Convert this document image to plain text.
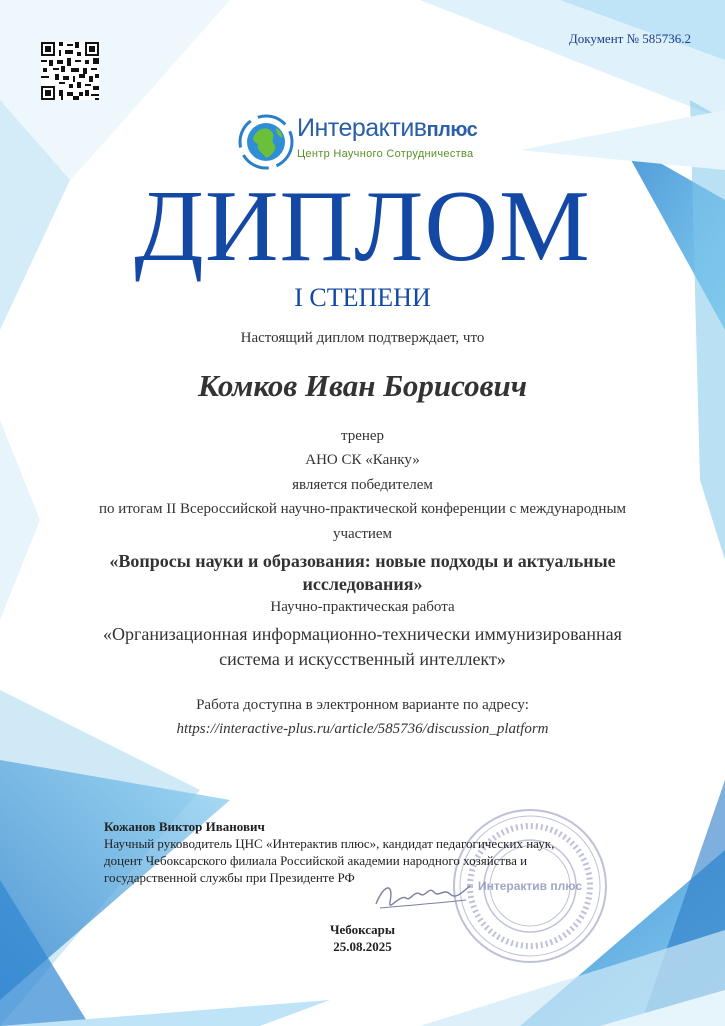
Документ № 585736.2
Интерактивплюс
Центр Научного Сотрудничества
ДИПЛОМ
I СТЕПЕНИ
Настоящий диплом подтверждает, что
Комков Иван Борисович
тренер
АНО СК «Канку»
является победителем
по итогам II Всероссийской научно-практической конференции с международным
участием
«Вопросы науки и образования: новые подходы и актуальные
исследования»
Научно-практическая работа
«Организационная информационно-технически иммунизированная
система и искусственный интеллект»
Работа доступна в электронном варианте по адресу:
https://interactive-plus.ru/article/585736/discussion_platform
Интерактив плюс
Кожанов Виктор Иванович
Научный руководитель ЦНС «Интерактив плюс», кандидат педагогических наук,
доцент Чебоксарского филиала Российской академии народного хозяйства и
государственной службы при Президенте РФ
Чебоксары
25.08.2025
